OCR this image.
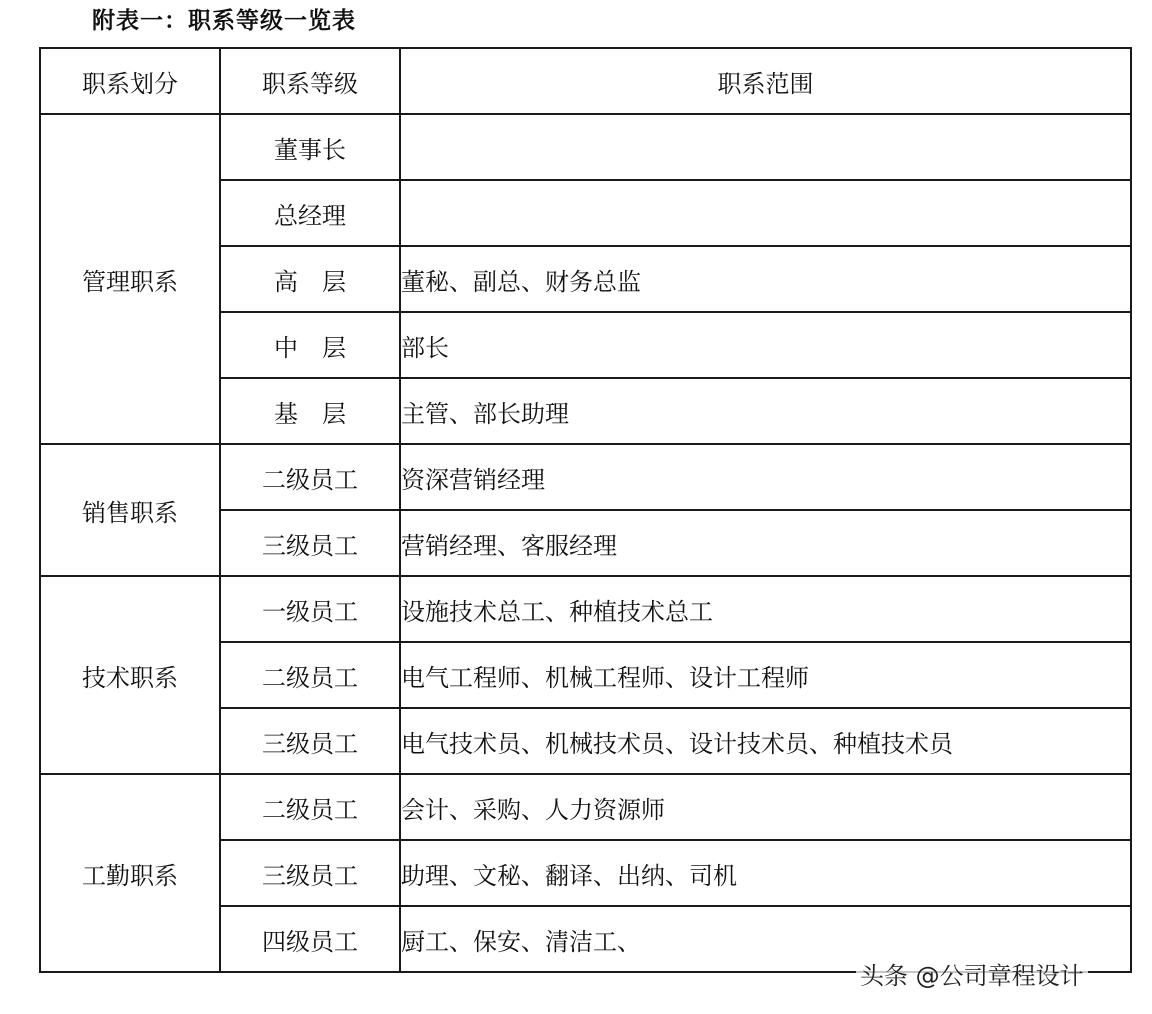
附表一：职系等级一览表
职系划分	职系等级	职系范围
管理职系	董事长	
	总经理	
	高　层	董秘、副总、财务总监
	中　层	部长
	基　层	主管、部长助理
销售职系	二级员工	资深营销经理
	三级员工	营销经理、客服经理
技术职系	一级员工	设施技术总工、种植技术总工
	二级员工	电气工程师、机械工程师、设计工程师
	三级员工	电气技术员、机械技术员、设计技术员、种植技术员
工勤职系	二级员工	会计、采购、人力资源师
	三级员工	助理、文秘、翻译、出纳、司机
	四级员工	厨工、保安、清洁工、
头条 @公司章程设计
